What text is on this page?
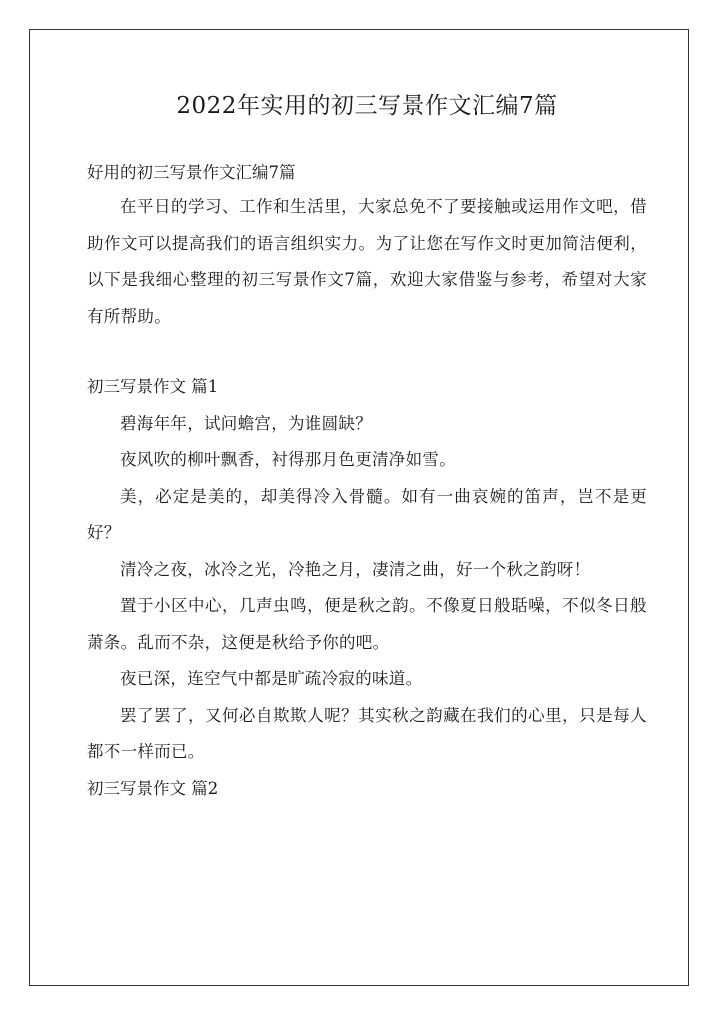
2022年实用的初三写景作文汇编7篇

好用的初三写景作文汇编7篇

在平日的学习、工作和生活里，大家总免不了要接触或运用作文吧，借助作文可以提高我们的语言组织实力。为了让您在写作文时更加简洁便利，以下是我细心整理的初三写景作文7篇，欢迎大家借鉴与参考，希望对大家有所帮助。

初三写景作文 篇1

碧海年年，试问蟾宫，为谁圆缺？

夜风吹的柳叶飘香，衬得那月色更清净如雪。

美，必定是美的，却美得冷入骨髓。如有一曲哀婉的笛声，岂不是更好？

清冷之夜，冰冷之光，冷艳之月，凄清之曲，好一个秋之韵呀！

置于小区中心，几声虫鸣，便是秋之韵。不像夏日般聒噪，不似冬日般萧条。乱而不杂，这便是秋给予你的吧。

夜已深，连空气中都是旷疏冷寂的味道。

罢了罢了，又何必自欺欺人呢？其实秋之韵藏在我们的心里，只是每人都不一样而已。

初三写景作文 篇2
